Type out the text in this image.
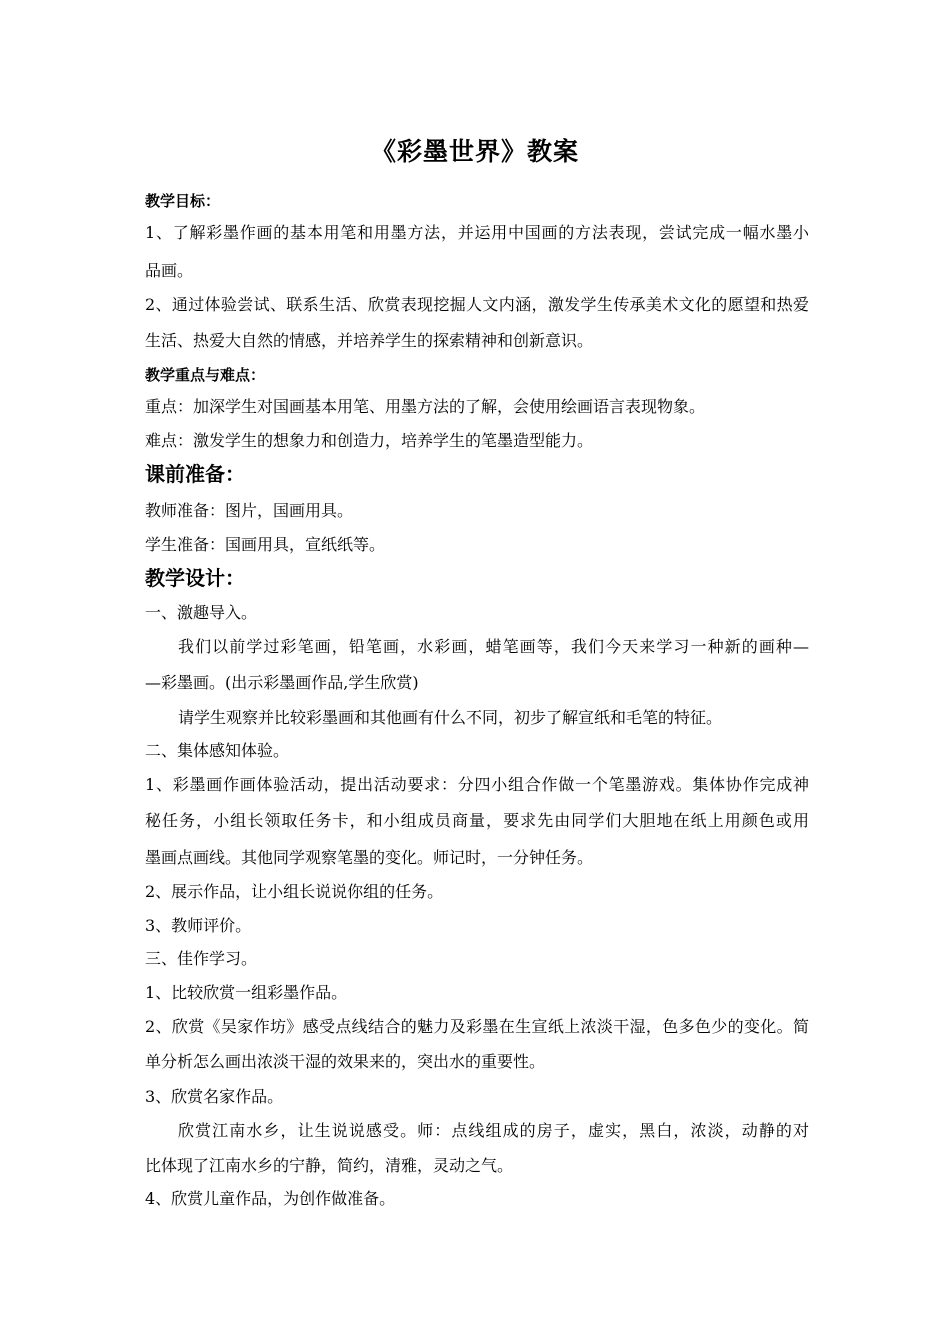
《彩墨世界》教案
教学目标：
1、了解彩墨作画的基本用笔和用墨方法，并运用中国画的方法表现，尝试完成一幅水墨小
品画。
2、通过体验尝试、联系生活、欣赏表现挖掘人文内涵，激发学生传承美术文化的愿望和热爱
生活、热爱大自然的情感，并培养学生的探索精神和创新意识。
教学重点与难点：
重点：加深学生对国画基本用笔、用墨方法的了解，会使用绘画语言表现物象。
难点：激发学生的想象力和创造力，培养学生的笔墨造型能力。
课前准备：
教师准备：图片，国画用具。
学生准备：国画用具，宣纸纸等。
教学设计：
一、激趣导入。
我们以前学过彩笔画，铅笔画，水彩画，蜡笔画等，我们今天来学习一种新的画种—
—彩墨画。(出示彩墨画作品,学生欣赏)
请学生观察并比较彩墨画和其他画有什么不同，初步了解宣纸和毛笔的特征。
二、集体感知体验。
1、彩墨画作画体验活动，提出活动要求：分四小组合作做一个笔墨游戏。集体协作完成神
秘任务，小组长领取任务卡，和小组成员商量，要求先由同学们大胆地在纸上用颜色或用
墨画点画线。其他同学观察笔墨的变化。师记时，一分钟任务。
2、展示作品，让小组长说说你组的任务。
3、教师评价。
三、佳作学习。
1、比较欣赏一组彩墨作品。
2、欣赏《吴家作坊》感受点线结合的魅力及彩墨在生宣纸上浓淡干湿，色多色少的变化。简
单分析怎么画出浓淡干湿的效果来的，突出水的重要性。
3、欣赏名家作品。
欣赏江南水乡，让生说说感受。师：点线组成的房子，虚实，黑白，浓淡，动静的对
比体现了江南水乡的宁静，简约，清雅，灵动之气。
4、欣赏儿童作品，为创作做准备。
